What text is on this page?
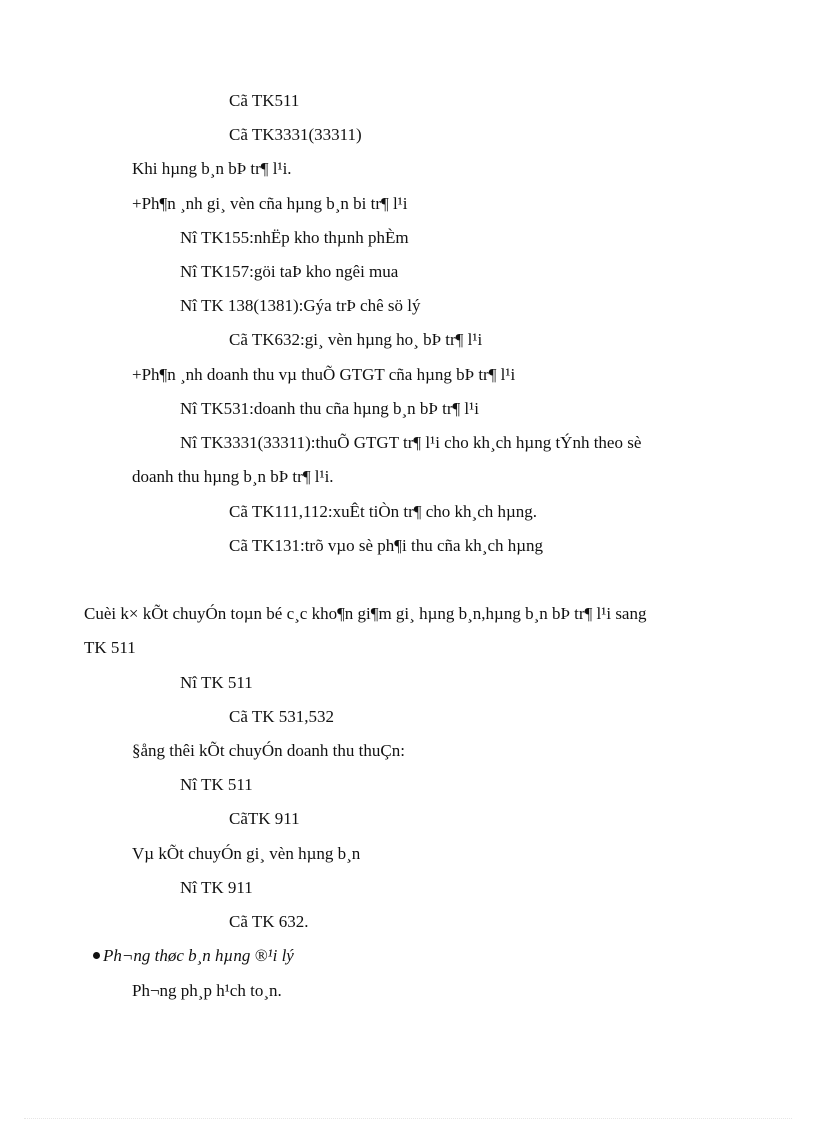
Cã TK511
Cã TK3331(33311)
Khi hµng b¸n bÞ tr¶ l¹i.
+Ph¶n ¸nh gi¸ vèn cña hµng b¸n bi tr¶ l¹i
Nî TK155:nhËp kho thµnh phÈm
Nî TK157:göi taÞ kho ngêi mua
Nî TK 138(1381):Gýa trÞ chê sö lý
Cã TK632:gi¸ vèn hµng ho¸ bÞ tr¶ l¹i
+Ph¶n ¸nh doanh thu vµ thuÕ GTGT cña hµng bÞ tr¶ l¹i
Nî TK531:doanh thu cña hµng b¸n bÞ tr¶ l¹i
Nî TK3331(33311):thuÕ GTGT tr¶ l¹i cho kh¸ch hµng tÝnh theo sè
doanh thu hµng b¸n bÞ tr¶ l¹i.
Cã TK111,112:xuÊt tiÒn tr¶ cho kh¸ch hµng.
Cã TK131:trõ vµo sè ph¶i thu cña kh¸ch hµng
Cuèi k× kÕt chuyÓn toµn bé c¸c kho¶n gi¶m gi¸ hµng b¸n,hµng b¸n bÞ tr¶ l¹i sang
TK 511
Nî TK 511
Cã TK 531,532
§ång thêi kÕt chuyÓn doanh thu thuÇn:
Nî TK 511
CãTK 911
Vµ kÕt chuyÓn gi¸ vèn hµng b¸n
Nî TK 911
Cã TK 632.
Ph¬ng thøc b¸n hµng ®¹i lý
Ph¬ng ph¸p h¹ch to¸n.
